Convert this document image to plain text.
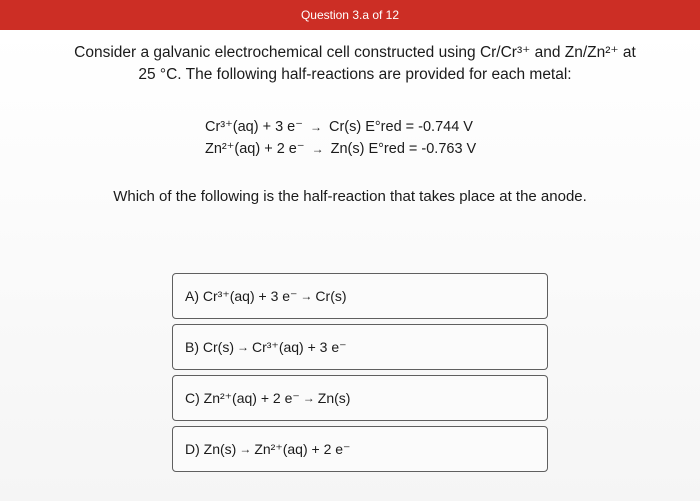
Question 3.a of 12
Consider a galvanic electrochemical cell constructed using Cr/Cr³⁺ and Zn/Zn²⁺ at
25 °C. The following half-reactions are provided for each metal:
Cr³⁺(aq) + 3 e⁻ → Cr(s) E°red = -0.744 V
Zn²⁺(aq) + 2 e⁻ → Zn(s) E°red = -0.763 V
Which of the following is the half-reaction that takes place at the anode.
A)
Cr³⁺(aq) + 3 e⁻ → Cr(s)
B)
Cr(s) → Cr³⁺(aq) + 3 e⁻
C)
Zn²⁺(aq) + 2 e⁻ → Zn(s)
D)
Zn(s) → Zn²⁺(aq) + 2 e⁻
